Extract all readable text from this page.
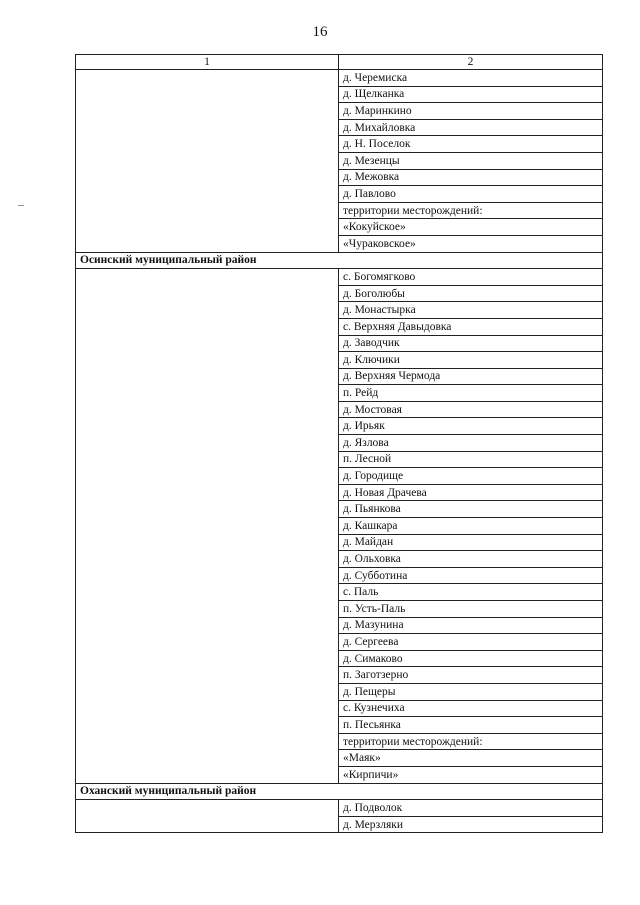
16
1	2
	д. Черемиска
	д. Щелканка
	д. Маринкино
	д. Михайловка
	д. Н. Поселок
	д. Мезенцы
	д. Межовка
	д. Павлово
	территории месторождений:
	«Кокуйское»
	«Чураковское»
Осинский муниципальный район	
	с. Богомягково
	д. Боголюбы
	д. Монастырка
	с. Верхняя Давыдовка
	д. Заводчик
	д. Ключики
	д. Верхняя Чермода
	п. Рейд
	д. Мостовая
	д. Ирьяк
	д. Язлова
	п. Лесной
	д. Городище
	д. Новая Драчева
	д. Пьянкова
	д. Кашкара
	д. Майдан
	д. Ольховка
	д. Субботина
	с. Паль
	п. Усть-Паль
	д. Мазунина
	д. Сергеева
	д. Симаково
	п. Заготзерно
	д. Пещеры
	с. Кузнечиха
	п. Песьянка
	территории месторождений:
	«Маяк»
	«Кирпичи»
Оханский муниципальный район	
	д. Подволок
	д. Мерзляки
